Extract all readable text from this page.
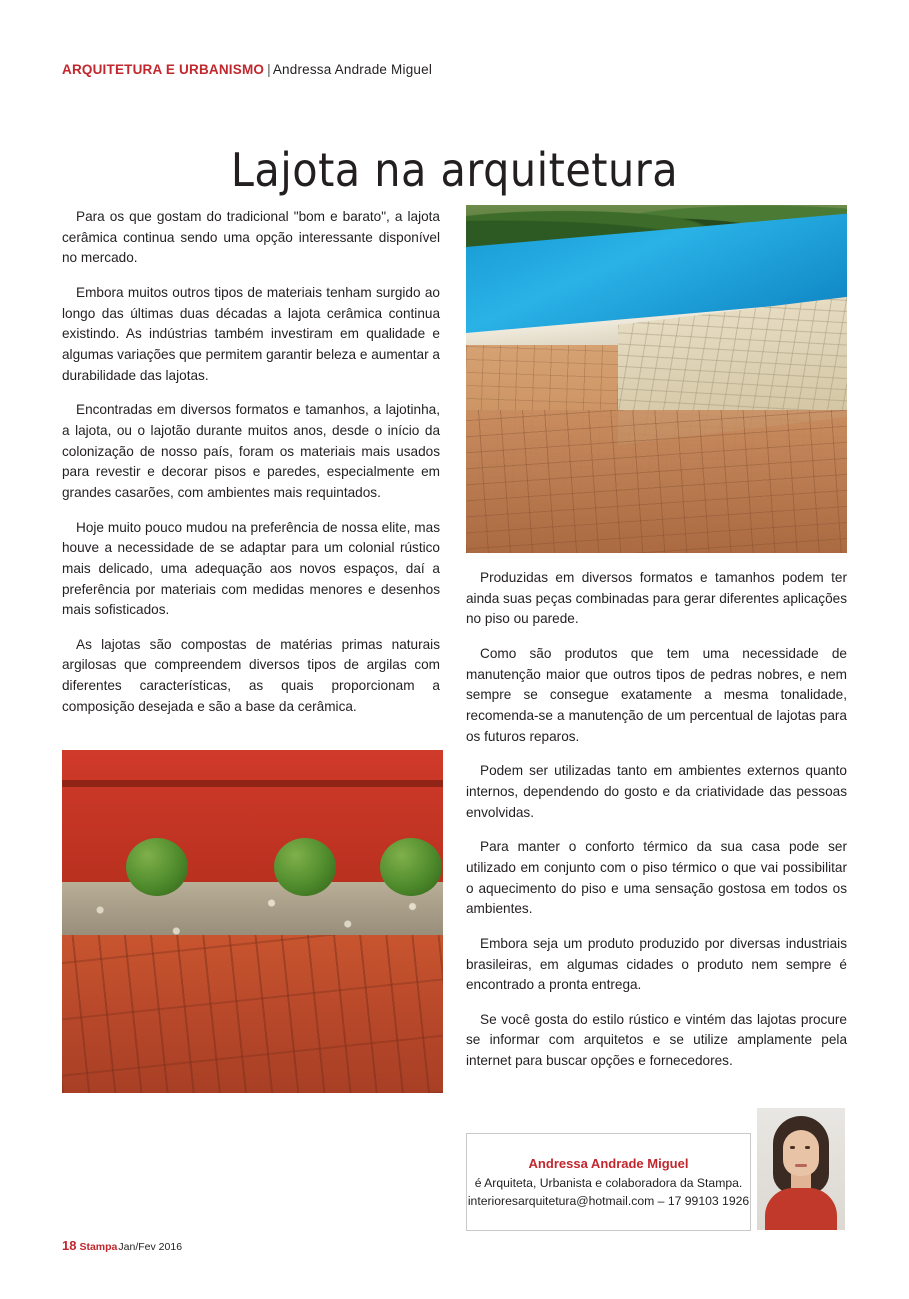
ARQUITETURA E URBANISMO | Andressa Andrade Miguel
Lajota na arquitetura

Para os que gostam do tradicional "bom e barato", a lajota cerâmica continua sendo uma opção interessante disponível no mercado.

Embora muitos outros tipos de materiais tenham surgido ao longo das últimas duas décadas a lajota cerâmica continua existindo. As indústrias também investiram em qualidade e algumas variações que permitem garantir beleza e aumentar a durabilidade das lajotas.

Encontradas em diversos formatos e tamanhos, a lajotinha, a lajota, ou o lajotão durante muitos anos, desde o início da colonização de nosso país, foram os materiais mais usados para revestir e decorar pisos e paredes, especialmente em grandes casarões, com ambientes mais requintados.

Hoje muito pouco mudou na preferência de nossa elite, mas houve a necessidade de se adaptar para um colonial rústico mais delicado, uma adequação aos novos espaços, daí a preferência por materiais com medidas menores e desenhos mais sofisticados.

As lajotas são compostas de matérias primas naturais argilosas que compreendem diversos tipos de argilas com diferentes características, as quais proporcionam a composição desejada e são a base da cerâmica.

Produzidas em diversos formatos e tamanhos podem ter ainda suas peças combinadas para gerar diferentes aplicações no piso ou parede.

Como são produtos que tem uma necessidade de manutenção maior que outros tipos de pedras nobres, e nem sempre se consegue exatamente a mesma tonalidade, recomenda-se a manutenção de um percentual de lajotas para os futuros reparos.

Podem ser utilizadas tanto em ambientes externos quanto internos, dependendo do gosto e da criatividade das pessoas envolvidas.

Para manter o conforto térmico da sua casa pode ser utilizado em conjunto com o piso térmico o que vai possibilitar o aquecimento do piso e uma sensação gostosa em todos os ambientes.

Embora seja um produto produzido por diversas industriais brasileiras, em algumas cidades o produto nem sempre é encontrado a pronta entrega.

Se você gosta do estilo rústico e vintém das lajotas procure se informar com arquitetos e se utilize amplamente pela internet para buscar opções e fornecedores.

Andressa Andrade Miguel
é Arquiteta, Urbanista e colaboradora da Stampa.
interioresarquitetura@hotmail.com – 17 99103 1926
18 StampaJan/Fev 2016
